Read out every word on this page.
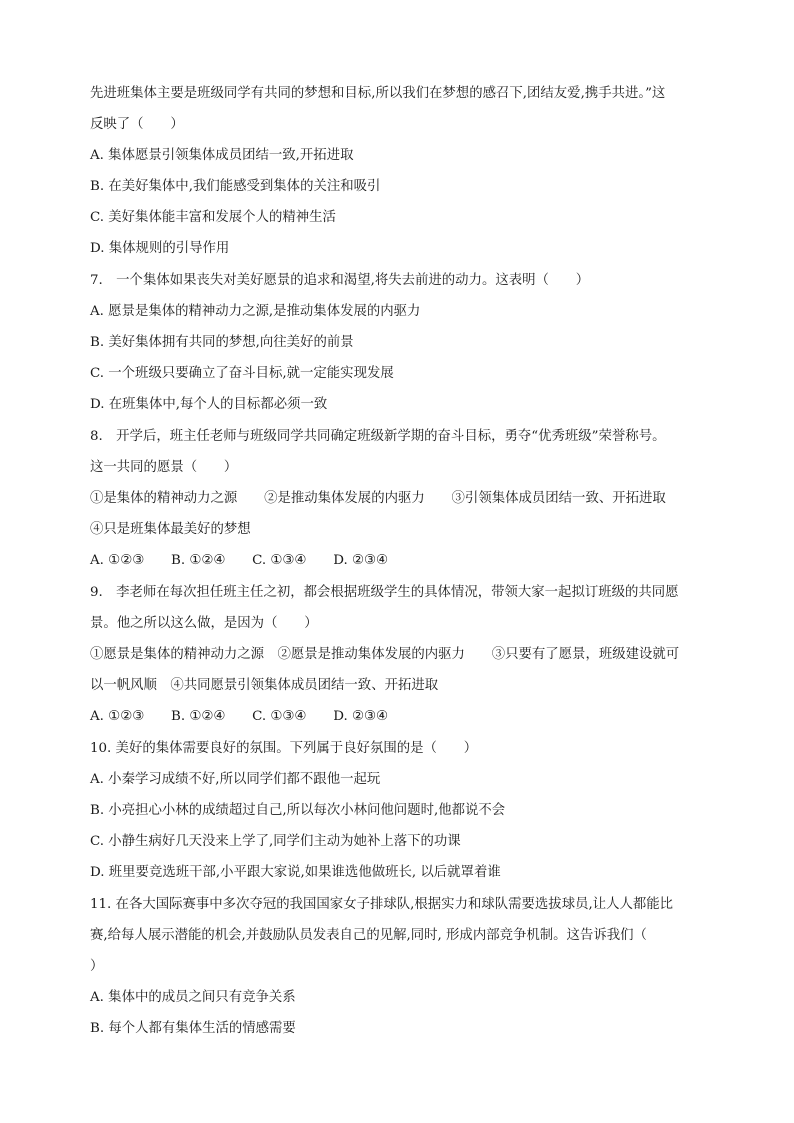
先进班集体主要是班级同学有共同的梦想和目标,所以我们在梦想的感召下,团结友爱,携手共进。”这
反映了（　　）
A. 集体愿景引领集体成员团结一致,开拓进取
B. 在美好集体中,我们能感受到集体的关注和吸引
C. 美好集体能丰富和发展个人的精神生活
D. 集体规则的引导作用
7.　一个集体如果丧失对美好愿景的追求和渴望,将失去前进的动力。这表明（　　）
A. 愿景是集体的精神动力之源,是推动集体发展的内驱力
B. 美好集体拥有共同的梦想,向往美好的前景
C. 一个班级只要确立了奋斗目标,就一定能实现发展
D. 在班集体中,每个人的目标都必须一致
8.　开学后，班主任老师与班级同学共同确定班级新学期的奋斗目标，勇夺“优秀班级”荣誉称号。
这一共同的愿景（　　）
①是集体的精神动力之源　　②是推动集体发展的内驱力　　③引领集体成员团结一致、开拓进取
④只是班集体最美好的梦想
A. ①②③　　B. ①②④　　C. ①③④　　D. ②③④
9.　李老师在每次担任班主任之初，都会根据班级学生的具体情况，带领大家一起拟订班级的共同愿
景。他之所以这么做，是因为（　　）
①愿景是集体的精神动力之源　②愿景是推动集体发展的内驱力　　③只要有了愿景，班级建设就可
以一帆风顺　④共同愿景引领集体成员团结一致、开拓进取
A. ①②③　　B. ①②④　　C. ①③④　　D. ②③④
10. 美好的集体需要良好的氛围。下列属于良好氛围的是（　　）
A. 小秦学习成绩不好,所以同学们都不跟他一起玩
B. 小亮担心小林的成绩超过自己,所以每次小林问他问题时,他都说不会
C. 小静生病好几天没来上学了,同学们主动为她补上落下的功课
D. 班里要竞选班干部,小平跟大家说,如果谁选他做班长, 以后就罩着谁
11. 在各大国际赛事中多次夺冠的我国国家女子排球队,根据实力和球队需要选拔球员,让人人都能比
赛,给每人展示潜能的机会,并鼓励队员发表自己的见解,同时, 形成内部竞争机制。这告诉我们（
）
A. 集体中的成员之间只有竞争关系
B. 每个人都有集体生活的情感需要
